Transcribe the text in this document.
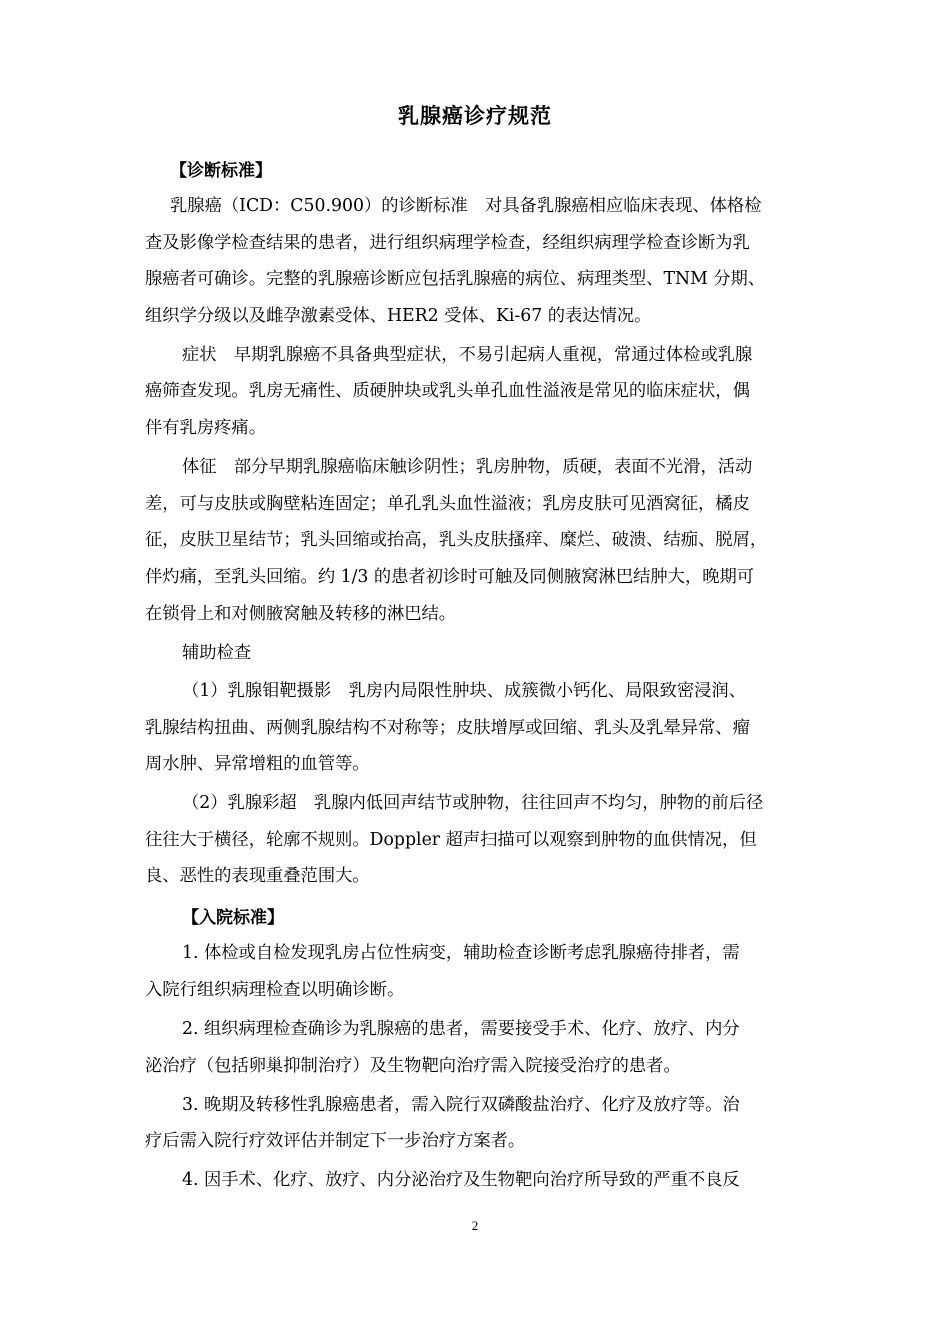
乳腺癌诊疗规范
【诊断标准】
乳腺癌（ICD：C50.900）的诊断标准　对具备乳腺癌相应临床表现、体格检
查及影像学检查结果的患者，进行组织病理学检查，经组织病理学检查诊断为乳
腺癌者可确诊。完整的乳腺癌诊断应包括乳腺癌的病位、病理类型、TNM 分期、
组织学分级以及雌孕激素受体、HER2 受体、Ki-67 的表达情况。
症状　早期乳腺癌不具备典型症状，不易引起病人重视，常通过体检或乳腺
癌筛查发现。乳房无痛性、质硬肿块或乳头单孔血性溢液是常见的临床症状，偶
伴有乳房疼痛。
体征　部分早期乳腺癌临床触诊阴性；乳房肿物，质硬，表面不光滑，活动
差，可与皮肤或胸壁粘连固定；单孔乳头血性溢液；乳房皮肤可见酒窝征，橘皮
征，皮肤卫星结节；乳头回缩或抬高，乳头皮肤搔痒、糜烂、破溃、结痂、脱屑，
伴灼痛，至乳头回缩。约 1/3 的患者初诊时可触及同侧腋窝淋巴结肿大，晚期可
在锁骨上和对侧腋窝触及转移的淋巴结。
辅助检查
（1）乳腺钼靶摄影　乳房内局限性肿块、成簇微小钙化、局限致密浸润、
乳腺结构扭曲、两侧乳腺结构不对称等；皮肤增厚或回缩、乳头及乳晕异常、瘤
周水肿、异常增粗的血管等。
（2）乳腺彩超　乳腺内低回声结节或肿物，往往回声不均匀，肿物的前后径
往往大于横径，轮廓不规则。Doppler 超声扫描可以观察到肿物的血供情况，但
良、恶性的表现重叠范围大。
【入院标准】
1. 体检或自检发现乳房占位性病变，辅助检查诊断考虑乳腺癌待排者，需
入院行组织病理检查以明确诊断。
2. 组织病理检查确诊为乳腺癌的患者，需要接受手术、化疗、放疗、内分
泌治疗（包括卵巢抑制治疗）及生物靶向治疗需入院接受治疗的患者。
3. 晚期及转移性乳腺癌患者，需入院行双磷酸盐治疗、化疗及放疗等。治
疗后需入院行疗效评估并制定下一步治疗方案者。
4. 因手术、化疗、放疗、内分泌治疗及生物靶向治疗所导致的严重不良反
2
